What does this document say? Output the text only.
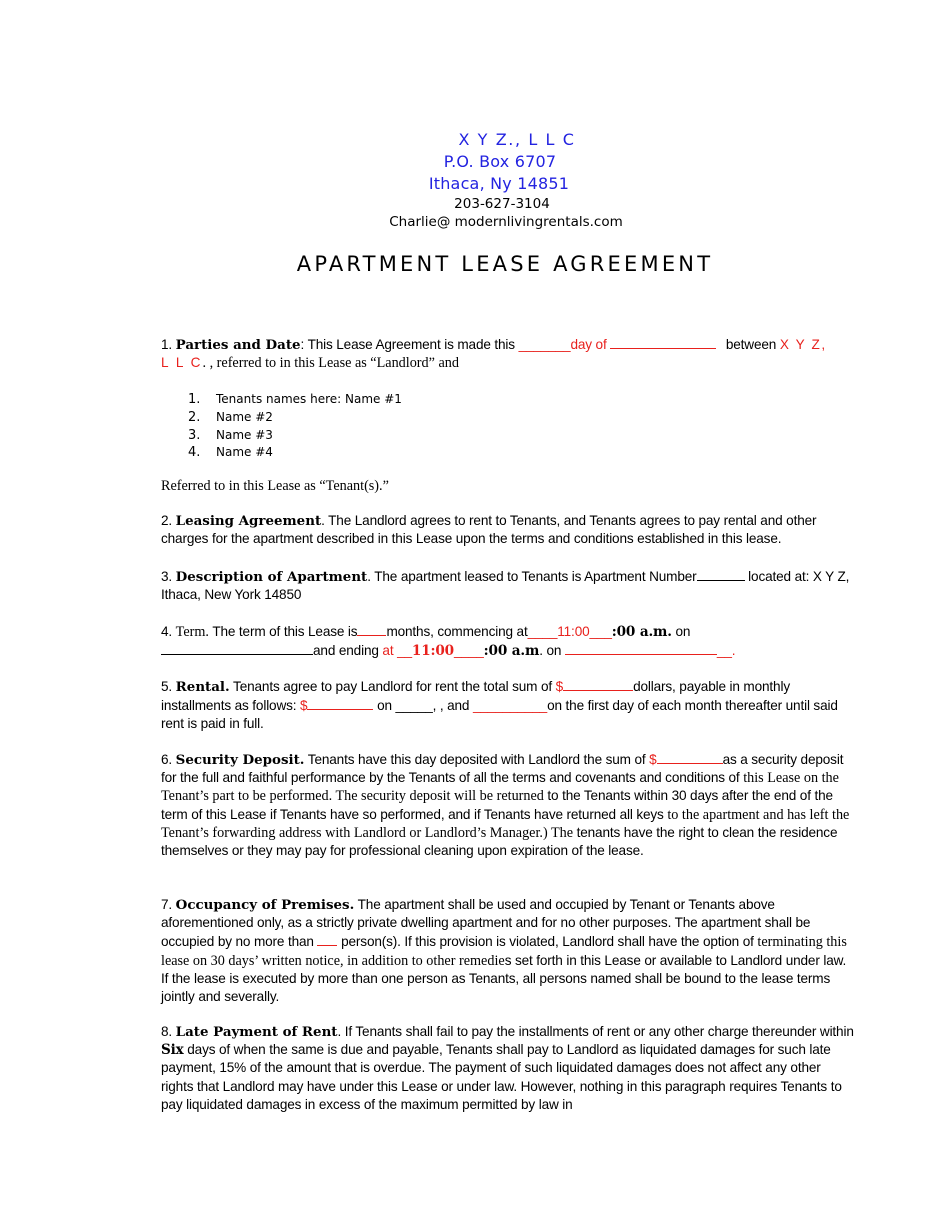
X Y Z., L L C
P.O. Box 6707
Ithaca, Ny 14851
203-627-3104
Charlie@ modernlivingrentals.com
APARTMENT LEASE AGREEMENT
1. Parties and Date: This Lease Agreement is made this _______day of	between X Y Z,
L L C. , referred to in this Lease as “Landlord” and
1. Tenants names here: Name #1
2. Name #2
3. Name #3
4. Name #4
Referred to in this Lease as “Tenant(s).”
2. Leasing Agreement. The Landlord agrees to rent to Tenants, and Tenants agrees to pay rental and other charges for the apartment described in this Lease upon the terms and conditions established in this lease.
3. Description of Apartment. The apartment leased to Tenants is Apartment Number	located at: X Y Z, Ithaca, New York 14850
4. Term. The term of this Lease is months, commencing at____11:00___:00 a.m. on
and ending at __11:00____:00 a.m. on	__.
5. Rental. Tenants agree to pay Landlord for rent the total sum of $	dollars, payable in monthly installments as follows: $	on _____, , and __________on the first day of each month thereafter until said rent is paid in full.
6. Security Deposit. Tenants have this day deposited with Landlord the sum of $	as a security deposit for the full and faithful performance by the Tenants of all the terms and covenants and conditions of this Lease on the Tenant’s part to be performed. The security deposit will be returned to the Tenants within 30 days after the end of the term of this Lease if Tenants have so performed, and if Tenants have returned all keys to the apartment and has left the Tenant’s forwarding address with Landlord or Landlord’s Manager.) The tenants have the right to clean the residence themselves or they may pay for professional cleaning upon expiration of the lease.
7. Occupancy of Premises. The apartment shall be used and occupied by Tenant or Tenants above aforementioned only, as a strictly private dwelling apartment and for no other purposes. The apartment shall be occupied by no more than  person(s). If this provision is violated, Landlord shall have the option of terminating this lease on 30 days’ written notice, in addition to other remedies set forth in this Lease or available to Landlord under law. If the lease is executed by more than one person as Tenants, all persons named shall be bound to the lease terms jointly and severally.
8. Late Payment of Rent. If Tenants shall fail to pay the installments of rent or any other charge thereunder within Six days of when the same is due and payable, Tenants shall pay to Landlord as liquidated damages for such late payment, 15% of the amount that is overdue. The payment of such liquidated damages does not affect any other rights that Landlord may have under this Lease or under law. However, nothing in this paragraph requires Tenants to pay liquidated damages in excess of the maximum permitted by law in
